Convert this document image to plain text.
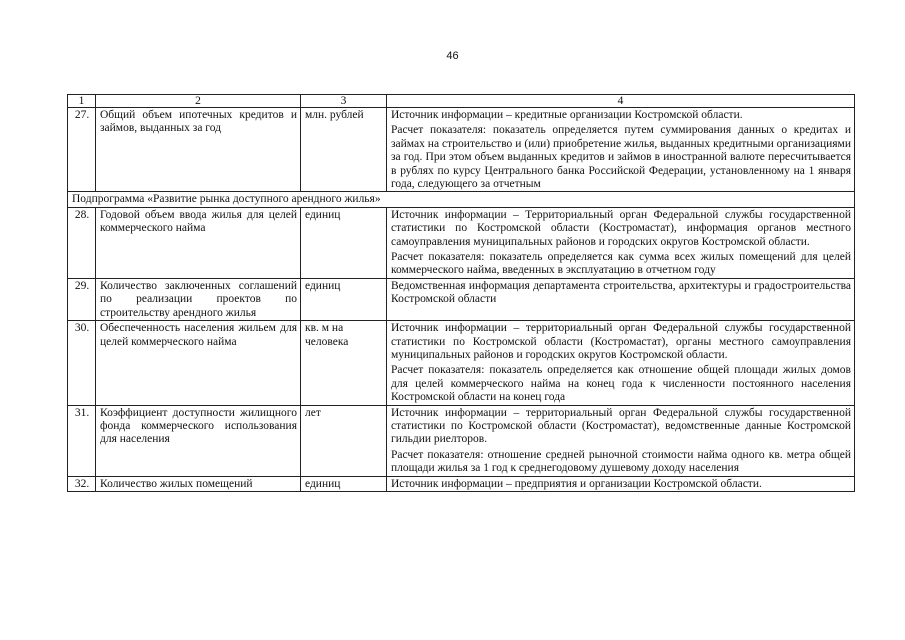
46
1	2	3	4
27.	Общий объем ипотечных кредитов и займов, выданных за год	млн. рублей	Источник информации – кредитные организации Костромской области.

Расчет показателя: показатель определяется путем суммирования данных о кредитах и займах на строительство и (или) приобретение жилья, выданных кредитными организациями за год. При этом объем выданных кредитов и займов в иностранной валюте пересчитывается в рублях по курсу Центрального банка Российской Федерации, установленному на 1 января года, следующего за отчетным

Подпрограмма «Развитие рынка доступного арендного жилья»			
28.	Годовой объем ввода жилья для целей коммерческого найма	единиц	Источник информации – Территориальный орган Федеральной службы государственной статистики по Костромской области (Костромастат), информация органов местного самоуправления муниципальных районов и городских округов Костромской области.

Расчет показателя: показатель определяется как сумма всех жилых помещений для целей коммерческого найма, введенных в эксплуатацию в отчетном году

29.	Количество заключенных соглашений по реализации проектов по строительству арендного жилья	единиц	Ведомственная информация департамента строительства, архитектуры и градостроительства Костромской области

30.	Обеспеченность населения жильем для целей коммерческого найма	кв. м на человека	Источник информации – территориальный орган Федеральной службы государственной статистики по Костромской области (Костромастат), органы местного самоуправления муниципальных районов и городских округов Костромской области.

Расчет показателя: показатель определяется как отношение общей площади жилых домов для целей коммерческого найма на конец года к численности постоянного населения Костромской области на конец года

31.	Коэффициент доступности жилищного фонда коммерческого использования для населения	лет	Источник информации – территориальный орган Федеральной службы государственной статистики по Костромской области (Костромастат), ведомственные данные Костромской гильдии риелторов.

Расчет показателя: отношение средней рыночной стоимости найма одного кв. метра общей площади жилья за 1 год к среднегодовому душевому доходу населения

32.	Количество жилых помещений	единиц	Источник информации – предприятия и организации Костромской области.
